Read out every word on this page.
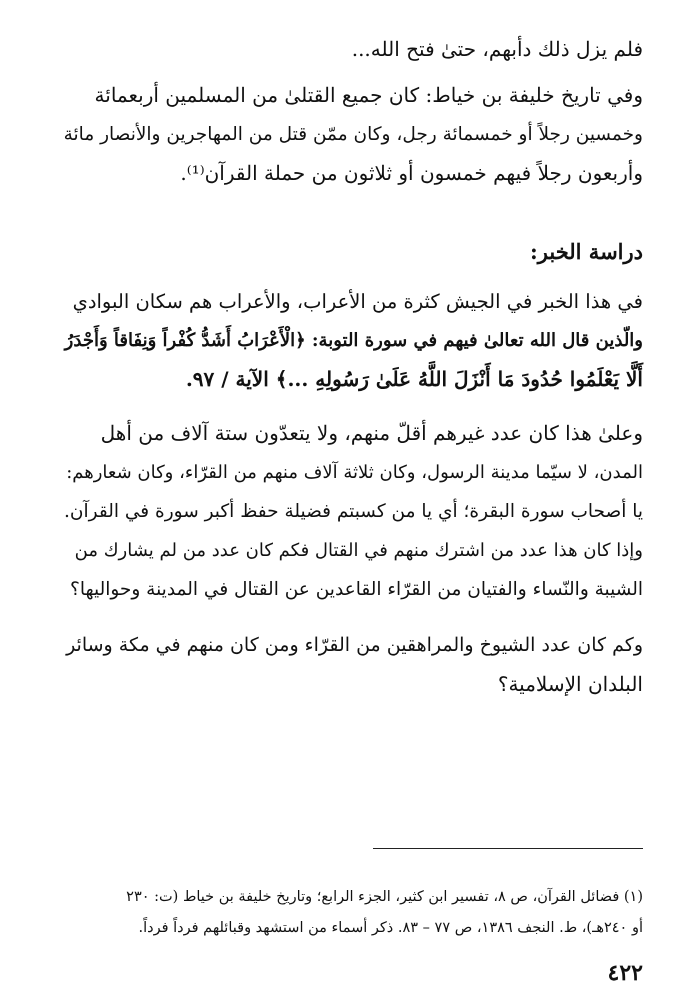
فلم يزل ذلك دأبهم، حتىٰ فتح الله...

وفي تاريخ خليفة بن خياط: كان جميع القتلىٰ من المسلمين أربعمائة
وخمسين رجلاً أو خمسمائة رجل، وكان ممّن قتل من المهاجرين والأنصار مائة
وأربعون رجلاً فيهم خمسون أو ثلاثون من حملة القرآن⁽¹⁾.

دراسة الخبر:

في هذا الخبر في الجيش كثرة من الأعراب، والأعراب هم سكان البوادي
والّذين قال الله تعالىٰ فيهم في سورة التوبة: ﴿الْأَعْرَابُ أَشَدُّ كُفْراً وَنِفَاقاً وَأَجْدَرُ
أَلَّا يَعْلَمُوا حُدُودَ مَا أَنْزَلَ اللَّهُ عَلَىٰ رَسُولِهِ ...﴾ الآية / ٩٧.

وعلىٰ هذا كان عدد غيرهم أقلّ منهم، ولا يتعدّون ستة آلاف من أهل
المدن، لا سيّما مدينة الرسول، وكان ثلاثة آلاف منهم من القرّاء، وكان شعارهم:
يا أصحاب سورة البقرة؛ أي يا من كسبتم فضيلة حفظ أكبر سورة في القرآن.
وإذا كان هذا عدد من اشترك منهم في القتال فكم كان عدد من لم يشارك من
الشيبة والنّساء والفتيان من القرّاء القاعدين عن القتال في المدينة وحواليها؟

وكم كان عدد الشيوخ والمراهقين من القرّاء ومن كان منهم في مكة وسائر
البلدان الإسلامية؟

(١) فضائل القرآن، ص ٨، تفسير ابن كثير، الجزء الرابع؛ وتاريخ خليفة بن خياط (ت: ٢٣٠
أو ٢٤٠هـ)، ط. النجف ١٣٨٦، ص ٧٧ – ٨٣. ذكر أسماء من استشهد وقبائلهم فرداً فرداً.
٤٢٢
